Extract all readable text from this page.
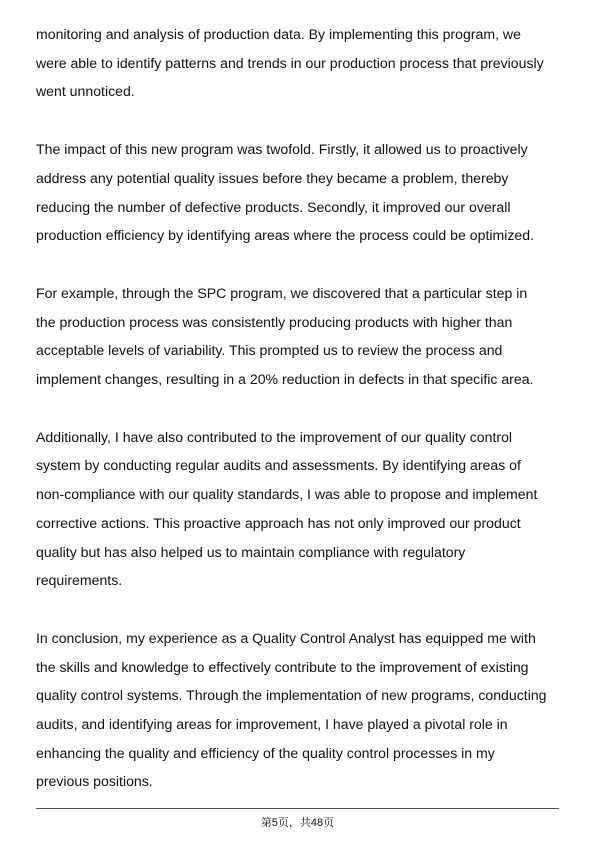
monitoring and analysis of production data. By implementing this program, we
were able to identify patterns and trends in our production process that previously
went unnoticed.

The impact of this new program was twofold. Firstly, it allowed us to proactively
address any potential quality issues before they became a problem, thereby
reducing the number of defective products. Secondly, it improved our overall
production efficiency by identifying areas where the process could be optimized.

For example, through the SPC program, we discovered that a particular step in
the production process was consistently producing products with higher than
acceptable levels of variability. This prompted us to review the process and
implement changes, resulting in a 20% reduction in defects in that specific area.

Additionally, I have also contributed to the improvement of our quality control
system by conducting regular audits and assessments. By identifying areas of
non-compliance with our quality standards, I was able to propose and implement
corrective actions. This proactive approach has not only improved our product
quality but has also helped us to maintain compliance with regulatory
requirements.

In conclusion, my experience as a Quality Control Analyst has equipped me with
the skills and knowledge to effectively contribute to the improvement of existing
quality control systems. Through the implementation of new programs, conducting
audits, and identifying areas for improvement, I have played a pivotal role in
enhancing the quality and efficiency of the quality control processes in my
previous positions.

第5页，共48页
